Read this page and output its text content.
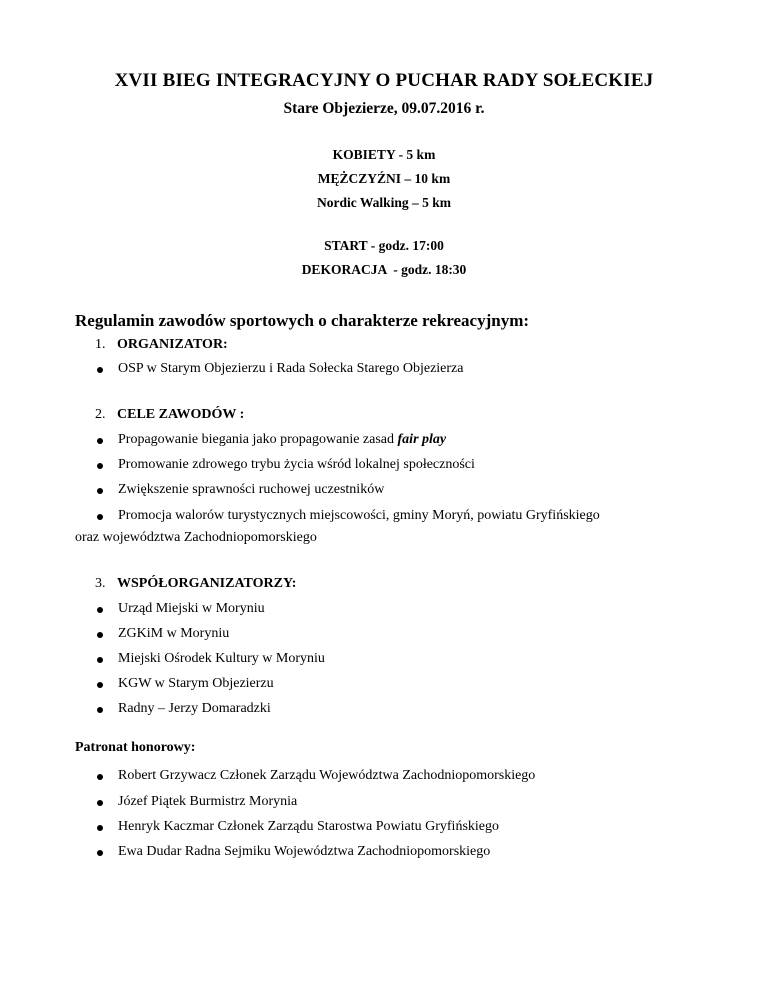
XVII BIEG INTEGRACYJNY O PUCHAR RADY SOŁECKIEJ
Stare Objezierze, 09.07.2016 r.
KOBIETY - 5 km
MĘŻCZYŹNI – 10 km
Nordic Walking – 5 km
START - godz. 17:00
DEKORACJA  - godz. 18:30
Regulamin zawodów sportowych o charakterze rekreacyjnym:
1. ORGANIZATOR:
OSP w Starym Objezierzu i Rada Sołecka Starego Objezierza
2. CELE ZAWODÓW :
Propagowanie biegania jako propagowanie zasad fair play
Promowanie zdrowego trybu życia wśród lokalnej społeczności
Zwiększenie sprawności ruchowej uczestników
Promocja walorów turystycznych miejscowości, gminy Moryń, powiatu Gryfińskiego
oraz województwa Zachodniopomorskiego
3. WSPÓŁORGANIZATORZY:
Urząd Miejski w Moryniu
ZGKiM w Moryniu
Miejski Ośrodek Kultury w Moryniu
KGW w Starym Objezierzu
Radny – Jerzy Domaradzki
Patronat honorowy:
Robert Grzywacz Członek Zarządu Województwa Zachodniopomorskiego
Józef Piątek Burmistrz Morynia
Henryk Kaczmar Członek Zarządu Starostwa Powiatu Gryfińskiego
Ewa Dudar Radna Sejmiku Województwa Zachodniopomorskiego
